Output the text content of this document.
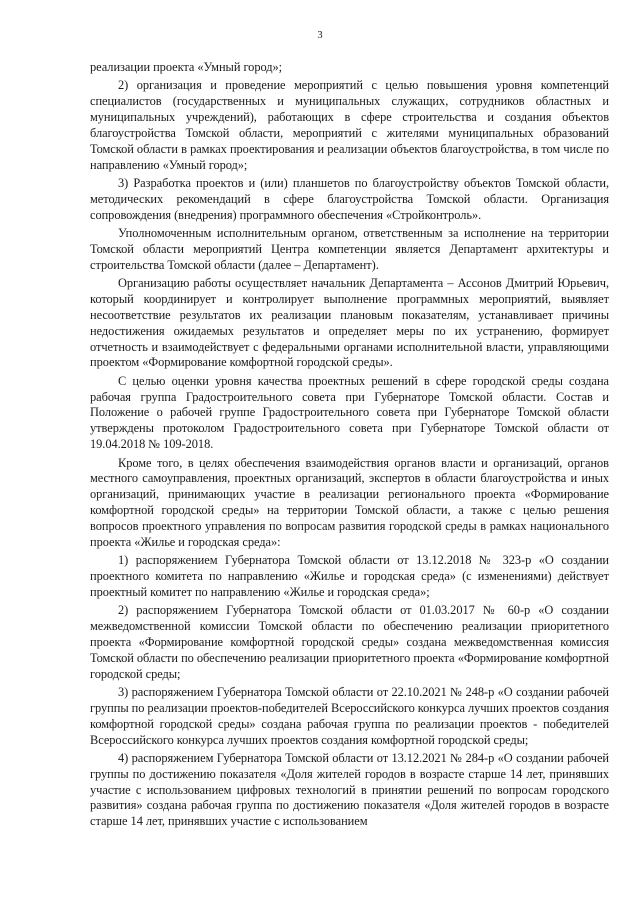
3

реализации проекта «Умный город»;

2) организация и проведение мероприятий с целью повышения уровня компетенций специалистов (государственных и муниципальных служащих, сотрудников областных и муниципальных учреждений), работающих в сфере строительства и создания объектов благоустройства Томской области, мероприятий с жителями муниципальных образований Томской области в рамках проектирования и реализации объектов благоустройства, в том числе по направлению «Умный город»;

3) Разработка проектов и (или) планшетов по благоустройству объектов Томской области, методических рекомендаций в сфере благоустройства Томской области. Организация сопровождения (внедрения) программного обеспечения «Стройконтроль».

Уполномоченным исполнительным органом, ответственным за исполнение на территории Томской области мероприятий Центра компетенции является Департамент архитектуры и строительства Томской области (далее – Департамент).

Организацию работы осуществляет начальник Департамента – Ассонов Дмитрий Юрьевич, который координирует и контролирует выполнение программных мероприятий, выявляет несоответствие результатов их реализации плановым показателям, устанавливает причины недостижения ожидаемых результатов и определяет меры по их устранению, формирует отчетность и взаимодействует с федеральными органами исполнительной власти, управляющими проектом «Формирование комфортной городской среды».

С целью оценки уровня качества проектных решений в сфере городской среды создана рабочая группа Градостроительного совета при Губернаторе Томской области. Состав и Положение о рабочей группе Градостроительного совета при Губернаторе Томской области утверждены протоколом Градостроительного совета при Губернаторе Томской области от 19.04.2018 № 109-2018.

Кроме того, в целях обеспечения взаимодействия органов власти и организаций, органов местного самоуправления, проектных организаций, экспертов в области благоустройства и иных организаций, принимающих участие в реализации регионального проекта «Формирование комфортной городской среды» на территории Томской области, а также с целью решения вопросов проектного управления по вопросам развития городской среды в рамках национального проекта «Жилье и городская среда»:

1) распоряжением Губернатора Томской области от 13.12.2018 № 323-р «О создании проектного комитета по направлению «Жилье и городская среда» (с изменениями) действует проектный комитет по направлению «Жилье и городская среда»;

2) распоряжением Губернатора Томской области от 01.03.2017 № 60-р «О создании межведомственной комиссии Томской области по обеспечению реализации приоритетного проекта «Формирование комфортной городской среды» создана межведомственная комиссия Томской области по обеспечению реализации приоритетного проекта «Формирование комфортной городской среды;

3) распоряжением Губернатора Томской области от 22.10.2021 № 248-р «О создании рабочей группы по реализации проектов-победителей Всероссийского конкурса лучших проектов создания комфортной городской среды» создана рабочая группа по реализации проектов - победителей Всероссийского конкурса лучших проектов создания комфортной городской среды;

4) распоряжением Губернатора Томской области от 13.12.2021 № 284-р «О создании рабочей группы по достижению показателя «Доля жителей городов в возрасте старше 14 лет, принявших участие с использованием цифровых технологий в принятии решений по вопросам городского развития» создана рабочая группа по достижению показателя «Доля жителей городов в возрасте старше 14 лет, принявших участие с использованием
